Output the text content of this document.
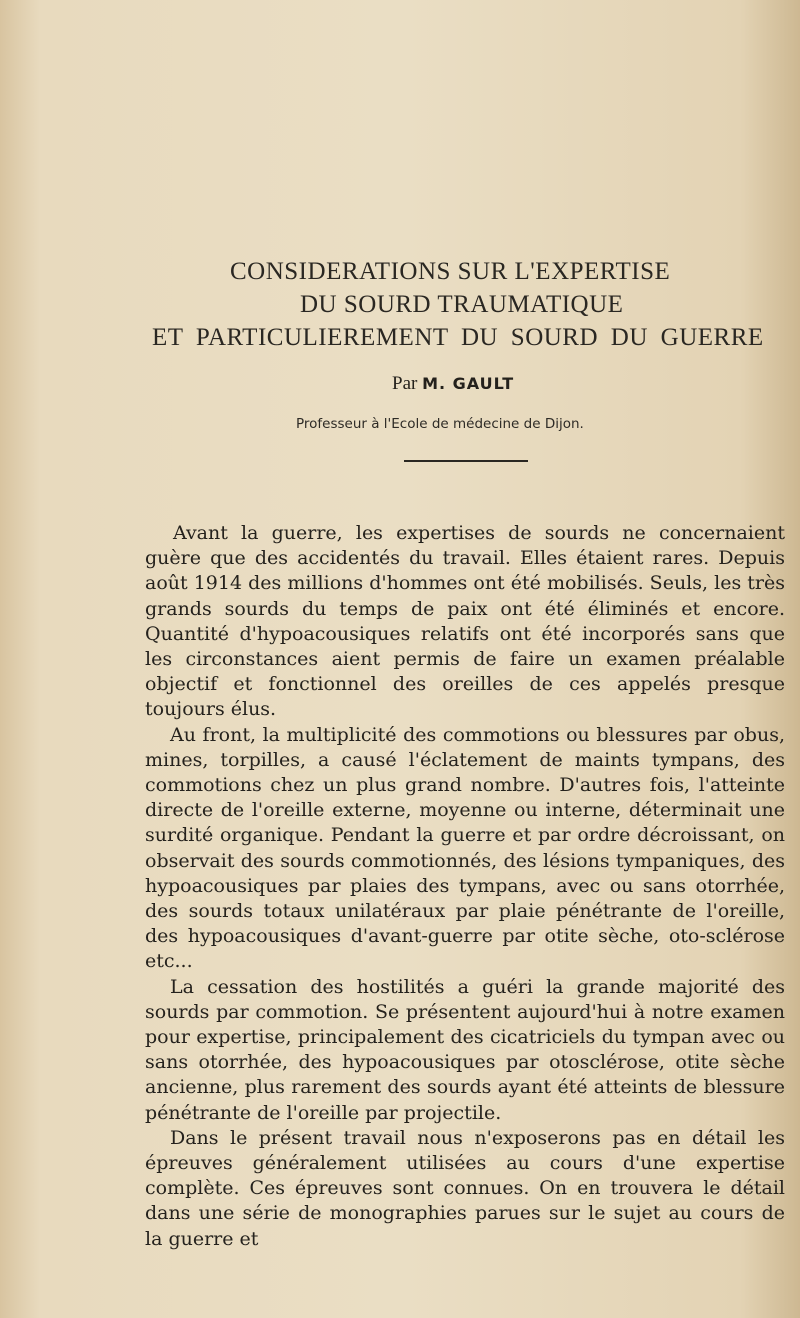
CONSIDERATIONS SUR L'EXPERTISE
DU SOURD TRAUMATIQUE
ET PARTICULIEREMENT DU SOURD DU GUERRE
Par M. GAULT
Professeur à l'Ecole de médecine de Dijon.

Avant la guerre, les expertises de sourds ne concernaient guère que des accidentés du travail. Elles étaient rares. Depuis août 1914 des millions d'hommes ont été mobilisés. Seuls, les très grands sourds du temps de paix ont été éliminés et encore. Quantité d'hypoacousiques relatifs ont été incorporés sans que les circonstances aient permis de faire un examen préalable objectif et fonctionnel des oreilles de ces appelés presque toujours élus.

Au front, la multiplicité des commotions ou blessures par obus, mines, torpilles, a causé l'éclatement de maints tympans, des commotions chez un plus grand nombre. D'autres fois, l'atteinte directe de l'oreille externe, moyenne ou interne, déterminait une surdité organique. Pendant la guerre et par ordre décroissant, on observait des sourds commotionnés, des lésions tympaniques, des hypoacousiques par plaies des tympans, avec ou sans otorrhée, des sourds totaux unilatéraux par plaie pénétrante de l'oreille, des hypoacousiques d'avant-guerre par otite sèche, oto-sclérose etc...

La cessation des hostilités a guéri la grande majorité des sourds par commotion. Se présentent aujourd'hui à notre examen pour expertise, principalement des cicatriciels du tympan avec ou sans otorrhée, des hypoacousiques par otosclérose, otite sèche ancienne, plus rarement des sourds ayant été atteints de blessure pénétrante de l'oreille par projectile.

Dans le présent travail nous n'exposerons pas en détail les épreuves généralement utilisées au cours d'une expertise complète. Ces épreuves sont connues. On en trouvera le détail dans une série de monographies parues sur le sujet au cours de la guerre et
